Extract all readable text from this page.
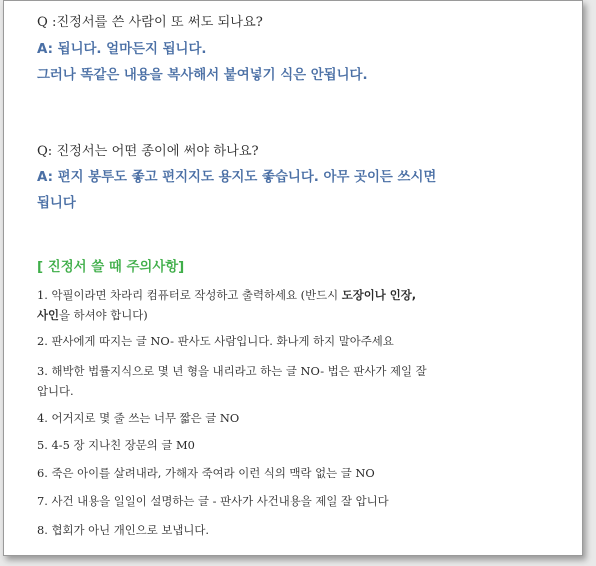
Q :진정서를 쓴 사람이 또 써도 되나요?
A: 됩니다. 얼마든지 됩니다.
그러나 똑같은 내용을 복사해서 붙여넣기 식은 안됩니다.
Q: 진정서는 어떤 종이에 써야 하나요?
A: 편지 봉투도 좋고 편지지도 용지도 좋습니다. 아무 곳이든 쓰시면
됩니다
[ 진정서 쓸 때 주의사항]
1. 악필이라면 차라리 컴퓨터로 작성하고 출력하세요 (반드시 도장이나 인장,
사인을 하셔야 합니다)
2. 판사에게 따지는 글 NO- 판사도 사람입니다. 화나게 하지 말아주세요
3. 해박한 법률지식으로 몇 년 형을 내리라고 하는 글 NO- 법은 판사가 제일 잘
압니다.
4. 어거지로 몇 줄 쓰는 너무 짧은 글 NO
5. 4-5 장 지나친 장문의 글 M0
6. 죽은 아이를 살려내라, 가해자 죽여라 이런 식의 맥락 없는 글 NO
7. 사건 내용을 일일이 설명하는 글 - 판사가 사건내용을 제일 잘 압니다
8. 협회가 아닌 개인으로 보냅니다.
